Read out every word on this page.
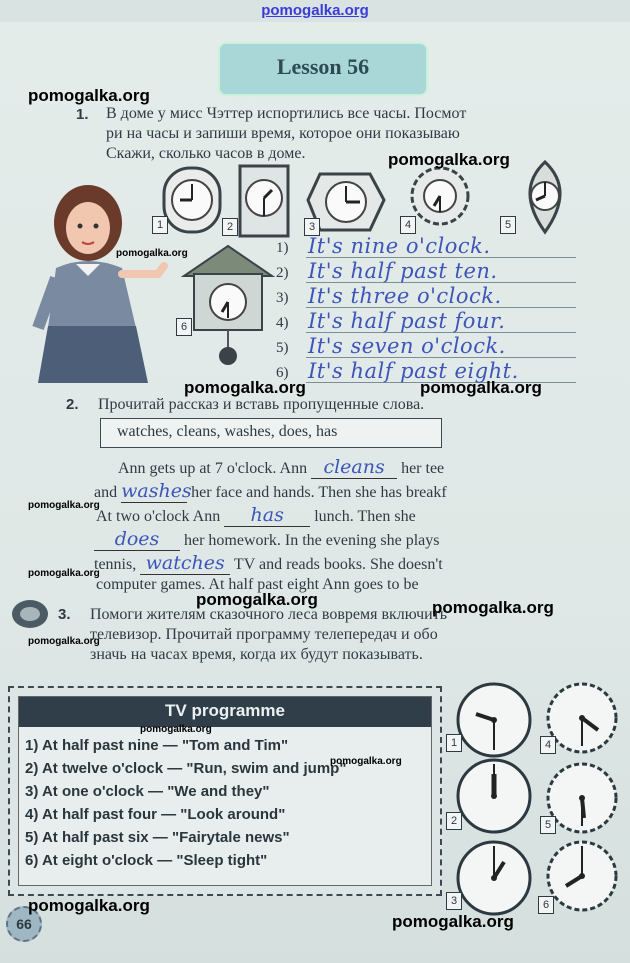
pomogalka.org
Lesson 56
1. В доме у мисс Чэттер испортились все часы. Посмот
ри на часы и запиши время, которое они показываю
Скажи, сколько часов в доме.
1	2	3	4	5
6
1) It's nine o'clock.
2) It's half past ten.
3) It's three o'clock.
4) It's half past four.
5) It's seven o'clock.
6) It's half past eight.
2. Прочитай рассказ и вставь пропущенные слова.
watches, cleans, washes, does, has
Ann gets up at 7 o'clock. Ann cleans her tee
and washes her face and hands. Then she has breakf
At two o'clock Ann has lunch. Then she
does her homework. In the evening she plays
tennis, watches TV and reads books. She doesn't
computer games. At half past eight Ann goes to be
3. Помоги жителям сказочного леса вовремя включить
телевизор. Прочитай программу телепередач и обо
значь на часах время, когда их будут показывать.
TV programme
1) At half past nine — "Tom and Tim"
2) At twelve o'clock — "Run, swim and jump"
3) At one o'clock — "We and they"
4) At half past four — "Look around"
5) At half past six — "Fairytale news"
6) At eight o'clock — "Sleep tight"
1
2
3
4
5
6
66
pomogalka.org
pomogalka.org
pomogalka.org
pomogalka.org	pomogalka.org
pomogalka.org
pomogalka.org
pomogalka.org	pomogalka.org
pomogalka.org
pomogalka.org
pomogalka.org
pomogalka.org
pomogalka.org
